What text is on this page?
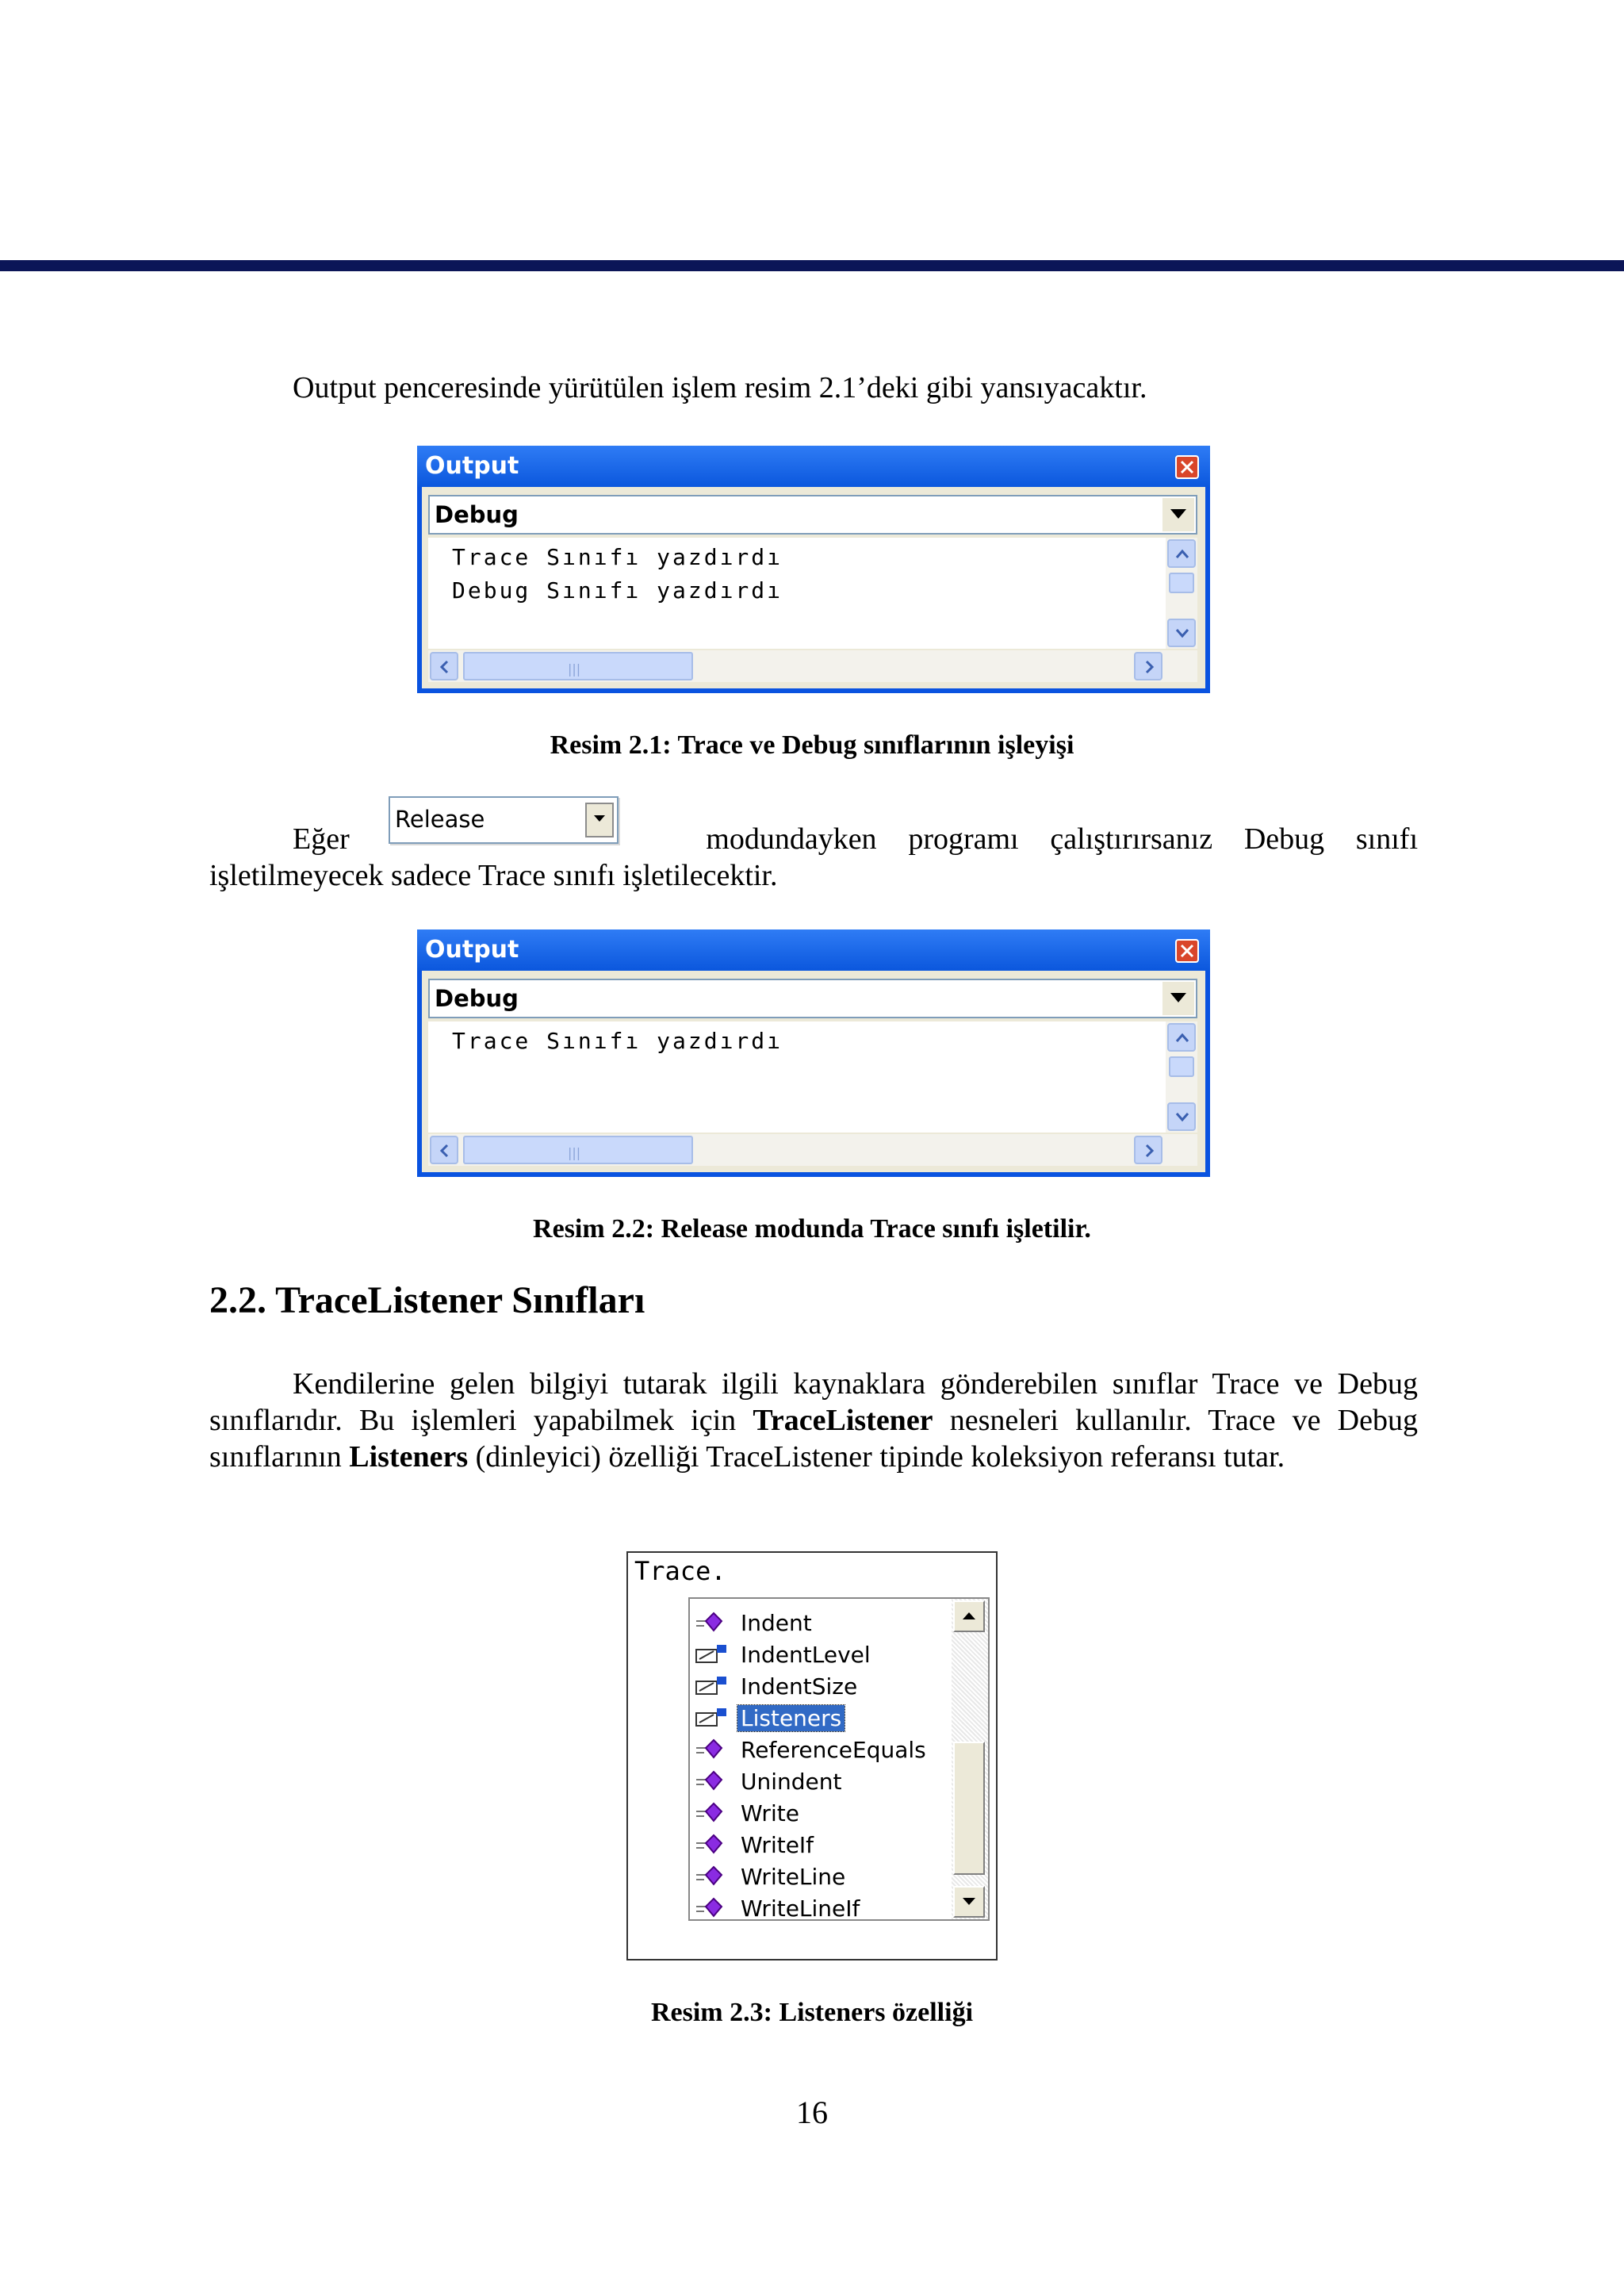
Output penceresinde yürütülen işlem resim 2.1’deki gibi yansıyacaktır.
Output
Debug
Trace Sınıfı yazdırdı
Debug Sınıfı yazdırdı
|||
Resim 2.1: Trace ve Debug sınıflarının işleyişi
Eğer	modundayken programı çalıştırırsanız Debug sınıfı işletilmeyecek sadece Trace sınıfı işletilecektir.
Release
Output
Debug
Trace Sınıfı yazdırdı
|||
Resim 2.2: Release modunda Trace sınıfı işletilir.
2.2. TraceListener Sınıfları
Kendilerine gelen bilgiyi tutarak ilgili kaynaklara gönderebilen sınıflar Trace ve Debug sınıflarıdır. Bu işlemleri yapabilmek için TraceListener nesneleri kullanılır. Trace ve Debug sınıflarının Listeners (dinleyici) özelliği TraceListener tipinde koleksiyon referansı tutar.
Trace.
Indent
IndentLevel
IndentSize
Listeners
ReferenceEquals
Unindent
Write
WriteIf
WriteLine
WriteLineIf
Resim 2.3: Listeners özelliği
16
